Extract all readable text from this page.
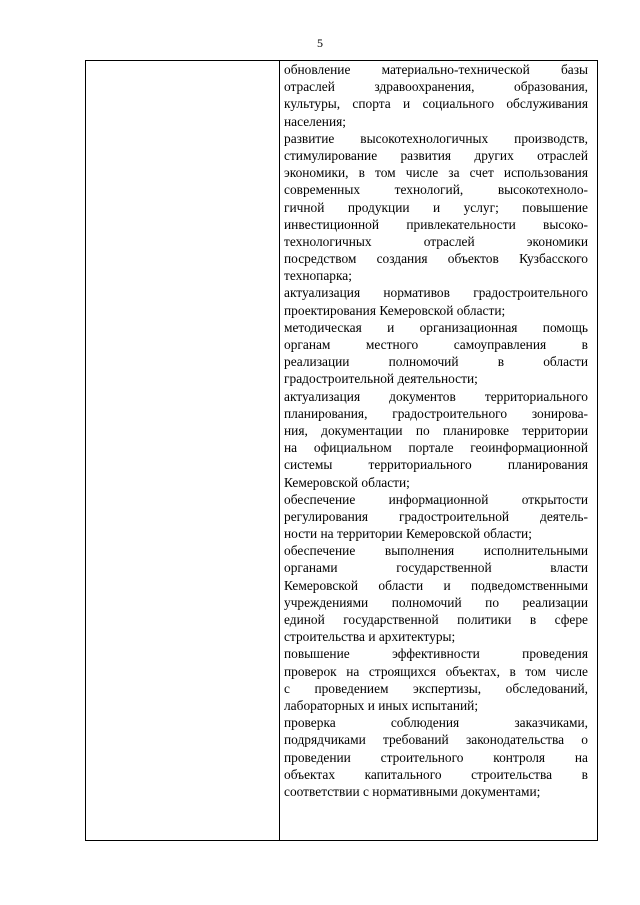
5
обновление материально-технической базы
отраслей здравоохранения, образования,
культуры, спорта и социального обслуживания
населения;
развитие высокотехнологичных производств,
стимулирование развития других отраслей
экономики, в том числе за счет использования
современных технологий, высокотехноло-
гичной продукции и услуг; повышение
инвестиционной привлекательности высоко-
технологичных отраслей экономики
посредством создания объектов Кузбасского
технопарка;
актуализация нормативов градостроительного
проектирования Кемеровской области;
методическая и организационная помощь
органам местного самоуправления в
реализации полномочий в области
градостроительной деятельности;
актуализация документов территориального
планирования, градостроительного зонирова-
ния, документации по планировке территории
на официальном портале геоинформационной
системы территориального планирования
Кемеровской области;
обеспечение информационной открытости
регулирования градостроительной деятель-
ности на территории Кемеровской области;
обеспечение выполнения исполнительными
органами государственной власти
Кемеровской области и подведомственными
учреждениями полномочий по реализации
единой государственной политики в сфере
строительства и архитектуры;
повышение эффективности проведения
проверок на строящихся объектах, в том числе
с проведением экспертизы, обследований,
лабораторных и иных испытаний;
проверка соблюдения заказчиками,
подрядчиками требований законодательства о
проведении строительного контроля на
объектах капитального строительства в
соответствии с нормативными документами;
